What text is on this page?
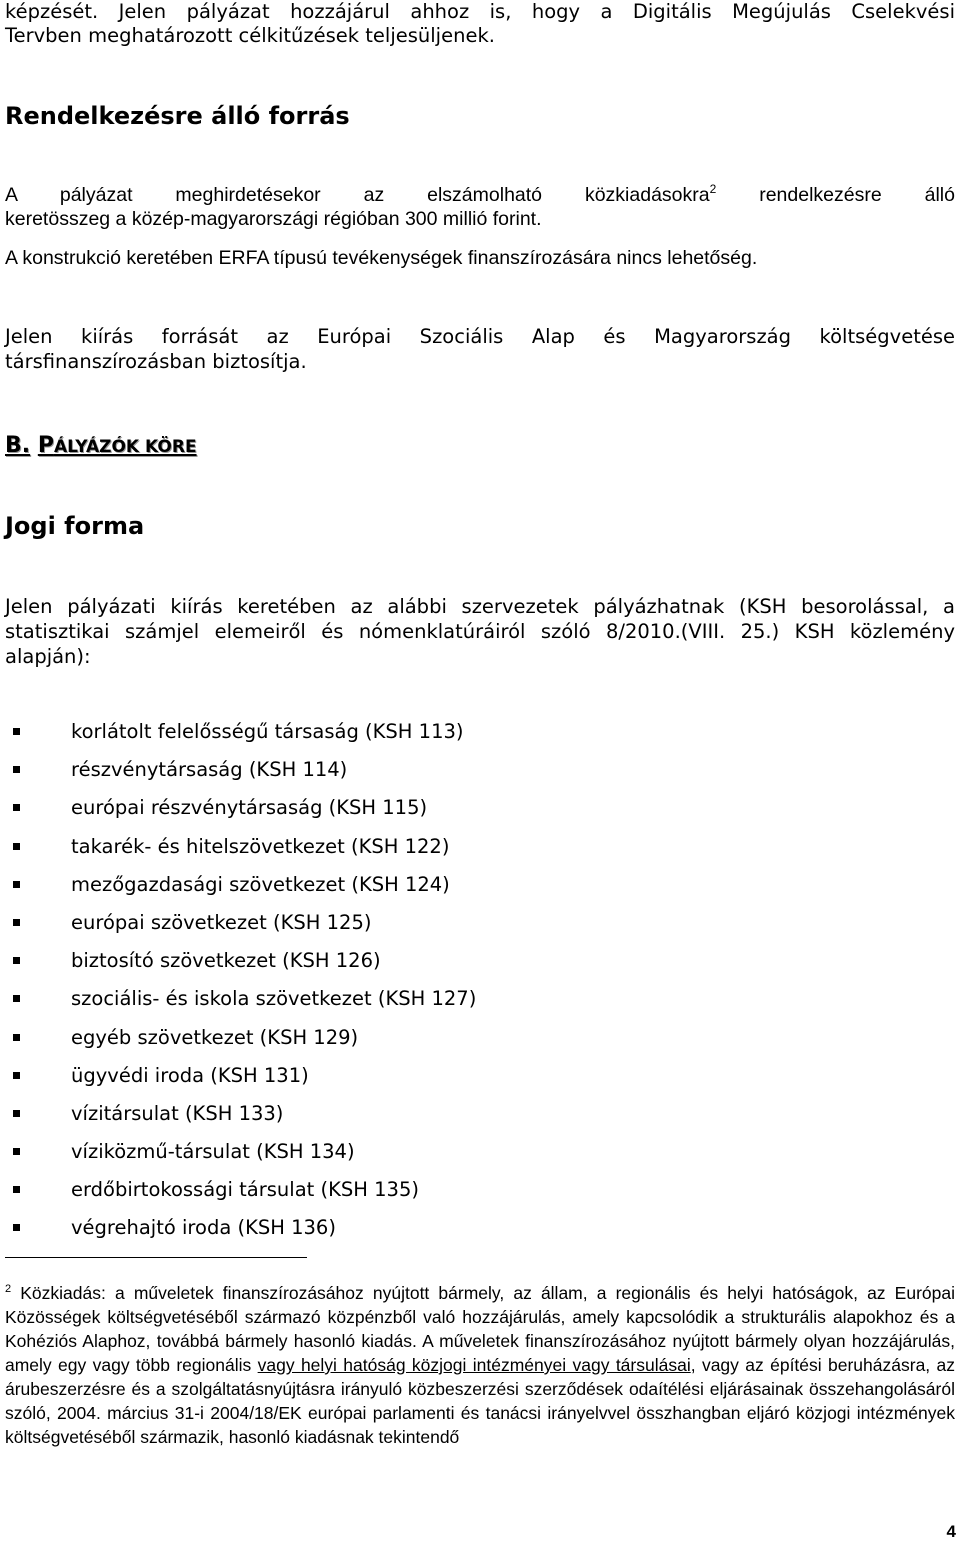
képzését. Jelen pályázat hozzájárul ahhoz is, hogy a Digitális Megújulás Cselekvési
Tervben meghatározott célkitűzések teljesüljenek.
Rendelkezésre álló forrás
A pályázat meghirdetésekor az elszámolható közkiadásokra$^2$ rendelkezésre álló
keretösszeg a közép-magyarországi régióban 300 millió forint.
A konstrukció keretében ERFA típusú tevékenységek finanszírozására nincs lehetőség.
Jelen kiírás forrását az Európai Szociális Alap és Magyarország költségvetése
társfinanszírozásban biztosítja.
B. PÁLYÁZÓK KÖRE
Jogi forma
Jelen pályázati kiírás keretében az alábbi szervezetek pályázhatnak (KSH besorolással, a statisztikai számjel elemeiről és nómenklatúráiról szóló 8/2010.(VIII. 25.) KSH közlemény alapján):
korlátolt felelősségű társaság (KSH 113)
részvénytársaság (KSH 114)
európai részvénytársaság (KSH 115)
takarék- és hitelszövetkezet (KSH 122)
mezőgazdasági szövetkezet (KSH 124)
európai szövetkezet (KSH 125)
biztosító szövetkezet (KSH 126)
szociális- és iskola szövetkezet (KSH 127)
egyéb szövetkezet (KSH 129)
ügyvédi iroda (KSH 131)
vízitársulat (KSH 133)
víziközmű-társulat (KSH 134)
erdőbirtokossági társulat (KSH 135)
végrehajtó iroda (KSH 136)
$^2$ Közkiadás: a műveletek finanszírozásához nyújtott bármely, az állam, a regionális és helyi hatóságok, az Európai Közösségek költségvetéséből származó közpénzből való hozzájárulás, amely kapcsolódik a strukturális alapokhoz és a Kohéziós Alaphoz, továbbá bármely hasonló kiadás. A műveletek finanszírozásához nyújtott bármely olyan hozzájárulás, amely egy vagy több regionális vagy helyi hatóság közjogi intézményei vagy társulásai, vagy az építési beruházásra, az árubeszerzésre és a szolgáltatásnyújtásra irányuló közbeszerzési szerződések odaítélési eljárásainak összehangolásáról szóló, 2004. március 31-i 2004/18/EK európai parlamenti és tanácsi irányelvvel összhangban eljáró közjogi intézmények költségvetéséből származik, hasonló kiadásnak tekintendő
4
